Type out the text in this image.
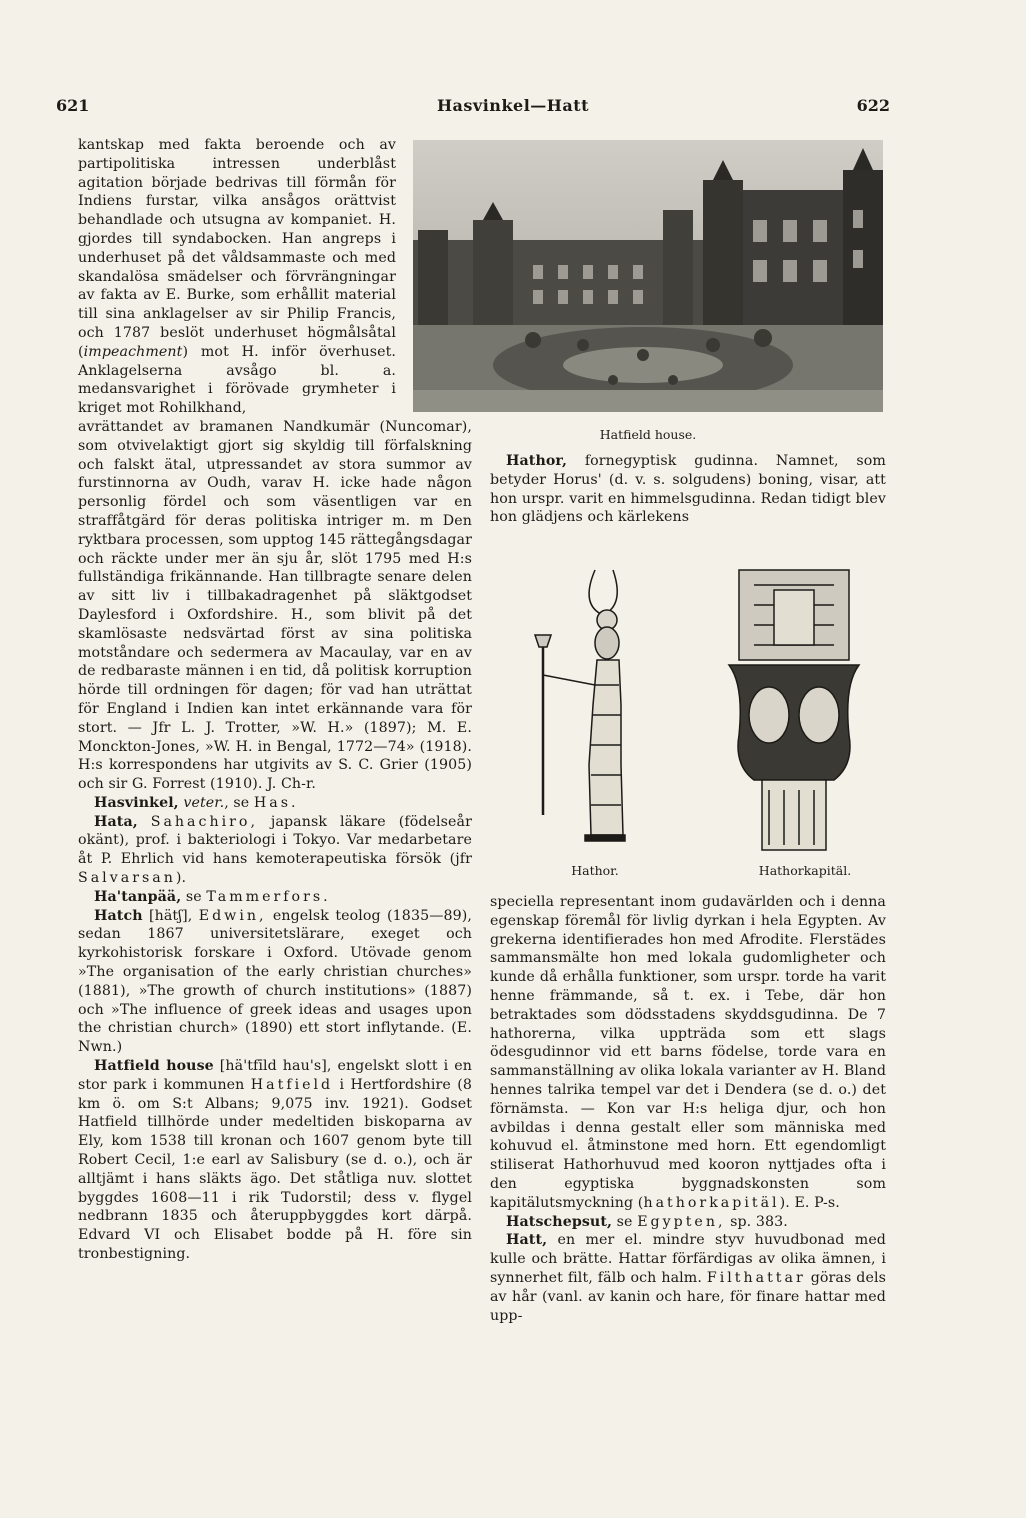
621	Hasvinkel—Hatt	622
Hatfield house.

kantskap med fakta beroende och av partipolitiska intressen underblåst agitation började bedrivas till förmån för Indiens furstar, vilka ansågos orättvist behandlade och utsugna av kompaniet. H. gjordes till syndabocken. Han angreps i underhuset på det våldsammaste och med skandalösa smädelser och förvrängningar av fakta av E. Burke, som erhållit material till sina anklagelser av sir Philip Francis, och 1787 beslöt underhuset högmålsåtal (impeachment) mot H. inför överhuset. Anklagelserna avsågo bl. a. medansvarighet i förövade grymheter i kriget mot Rohilkhand,

avrättandet av bramanen Nandkumär (Nuncomar), som otvivelaktigt gjort sig skyldig till förfalskning och falskt ätal, utpressandet av stora summor av furstinnorna av Oudh, varav H. icke hade någon personlig fördel och som väsentligen var en straffåtgärd för deras politiska intriger m. m Den ryktbara processen, som upptog 145 rättegångsdagar och räckte under mer än sju år, slöt 1795 med H:s fullständiga frikännande. Han tillbragte senare delen av sitt liv i tillbakadragenhet på släktgodset Daylesford i Oxfordshire. H., som blivit på det skamlösaste nedsvärtad först av sina politiska motståndare och sedermera av Macaulay, var en av de redbaraste männen i en tid, då politisk korruption hörde till ordningen för dagen; för vad han uträttat för England i Indien kan intet erkännande vara för stort. — Jfr L. J. Trotter, »W. H.» (1897); M. E. Monckton-Jones, »W. H. in Bengal, 1772—74» (1918). H:s korrespondens har utgivits av S. C. Grier (1905) och sir G. Forrest (1910). J. Ch-r.

Hasvinkel, veter., se Has.

Hata, Sahachiro, japansk läkare (födelseår okänt), prof. i bakteriologi i Tokyo. Var medarbetare åt P. Ehrlich vid hans kemoterapeutiska försök (jfr Salvarsan).

Ha'tanpää, se Tammerfors.

Hatch [hätʃ], Edwin, engelsk teolog (1835—89), sedan 1867 universitetslärare, exeget och kyrkohistorisk forskare i Oxford. Utövade genom »The organisation of the early christian churches» (1881), »The growth of church institutions» (1887) och »The influence of greek ideas and usages upon the christian church» (1890) ett stort inflytande. (E. Nwn.)

Hatfield house [hä'tfīld hau's], engelskt slott i en stor park i kommunen Hatfield i Hertfordshire (8 km ö. om S:t Albans; 9,075 inv. 1921). Godset Hatfield tillhörde under medeltiden biskoparna av Ely, kom 1538 till kronan och 1607 genom byte till Robert Cecil, 1:e earl av Salisbury (se d. o.), och är alltjämt i hans släkts ägo. Det ståtliga nuv. slottet byggdes 1608—11 i rik Tudorstil; dess v. flygel nedbrann 1835 och återuppbyggdes kort därpå. Edvard VI och Elisabet bodde på H. före sin tronbestigning.

Hathor, fornegyptisk gudinna. Namnet, som betyder Horus' (d. v. s. solgudens) boning, visar, att hon urspr. varit en himmelsgudinna. Redan tidigt blev hon glädjens och kärlekens

Hathor.	Hathorkapitäl.

speciella representant inom gudavärlden och i denna egenskap föremål för livlig dyrkan i hela Egypten. Av grekerna identifierades hon med Afrodite. Flerstädes sammansmälte hon med lokala gudomligheter och kunde då erhålla funktioner, som urspr. torde ha varit henne främmande, så t. ex. i Tebe, där hon betraktades som dödsstadens skyddsgudinna. De 7 hathorerna, vilka uppträda som ett slags ödesgudinnor vid ett barns födelse, torde vara en sammanställning av olika lokala varianter av H. Bland hennes talrika tempel var det i Dendera (se d. o.) det förnämsta. — Kon var H:s heliga djur, och hon avbildas i denna gestalt eller som människa med kohuvud el. åtminstone med horn. Ett egendomligt stiliserat Hathorhuvud med kooron nyttjades ofta i den egyptiska byggnadskonsten som kapitälutsmyckning (hathorkapitäl). E. P-s.

Hatschepsut, se Egypten, sp. 383.

Hatt, en mer el. mindre styv huvudbonad med kulle och brätte. Hattar förfärdigas av olika ämnen, i synnerhet filt, fälb och halm. Filthattar göras dels av hår (vanl. av kanin och hare, för finare hattar med upp-
